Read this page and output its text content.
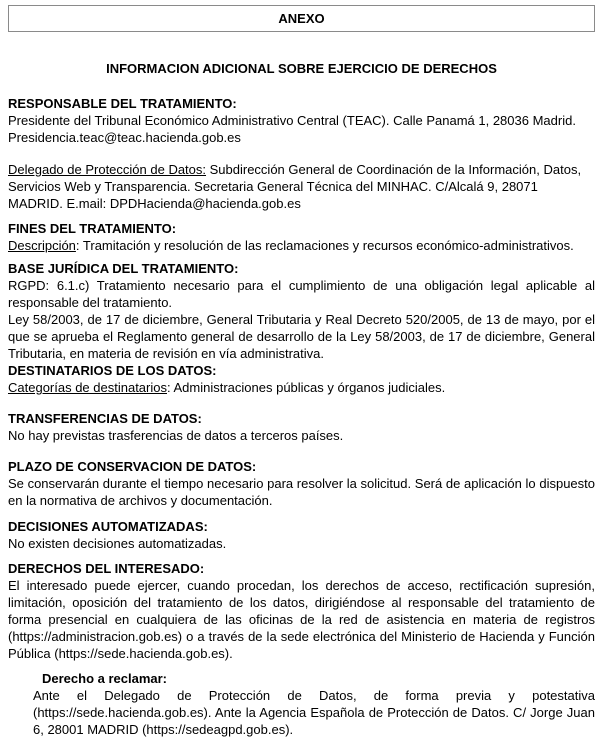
ANEXO
INFORMACION ADICIONAL SOBRE EJERCICIO DE DERECHOS
RESPONSABLE DEL TRATAMIENTO:

Presidente del Tribunal Económico Administrativo Central (TEAC). Calle Panamá 1, 28036 Madrid. Presidencia.teac@teac.hacienda.gob.es

Delegado de Protección de Datos: Subdirección General de Coordinación de la Información, Datos, Servicios Web y Transparencia. Secretaria General Técnica del MINHAC. C/Alcalá 9, 28071 MADRID. E.mail: DPDHacienda@hacienda.gob.es

FINES DEL TRATAMIENTO:

Descripción: Tramitación y resolución de las reclamaciones y recursos económico-administrativos.

BASE JURÍDICA DEL TRATAMIENTO:

RGPD: 6.1.c) Tratamiento necesario para el cumplimiento de una obligación legal aplicable al responsable del tratamiento.

Ley 58/2003, de 17 de diciembre, General Tributaria y Real Decreto 520/2005, de 13 de mayo, por el que se aprueba el Reglamento general de desarrollo de la Ley 58/2003, de 17 de diciembre, General Tributaria, en materia de revisión en vía administrativa.

DESTINATARIOS DE LOS DATOS:

Categorías de destinatarios: Administraciones públicas y órganos judiciales.

TRANSFERENCIAS DE DATOS:

No hay previstas trasferencias de datos a terceros países.

PLAZO DE CONSERVACION DE DATOS:

Se conservarán durante el tiempo necesario para resolver la solicitud. Será de aplicación lo dispuesto en la normativa de archivos y documentación.

DECISIONES AUTOMATIZADAS:

No existen decisiones automatizadas.

DERECHOS DEL INTERESADO:

El interesado puede ejercer, cuando procedan, los derechos de acceso, rectificación supresión, limitación, oposición del tratamiento de los datos, dirigiéndose al responsable del tratamiento de forma presencial en cualquiera de las oficinas de la red de asistencia en materia de registros (https://administracion.gob.es) o a través de la sede electrónica del Ministerio de Hacienda y Función Pública (https://sede.hacienda.gob.es).

Derecho a reclamar:

Ante el Delegado de Protección de Datos, de forma previa y potestativa (https://sede.hacienda.gob.es). Ante la Agencia Española de Protección de Datos. C/ Jorge Juan 6, 28001 MADRID (https://sedeagpd.gob.es).
